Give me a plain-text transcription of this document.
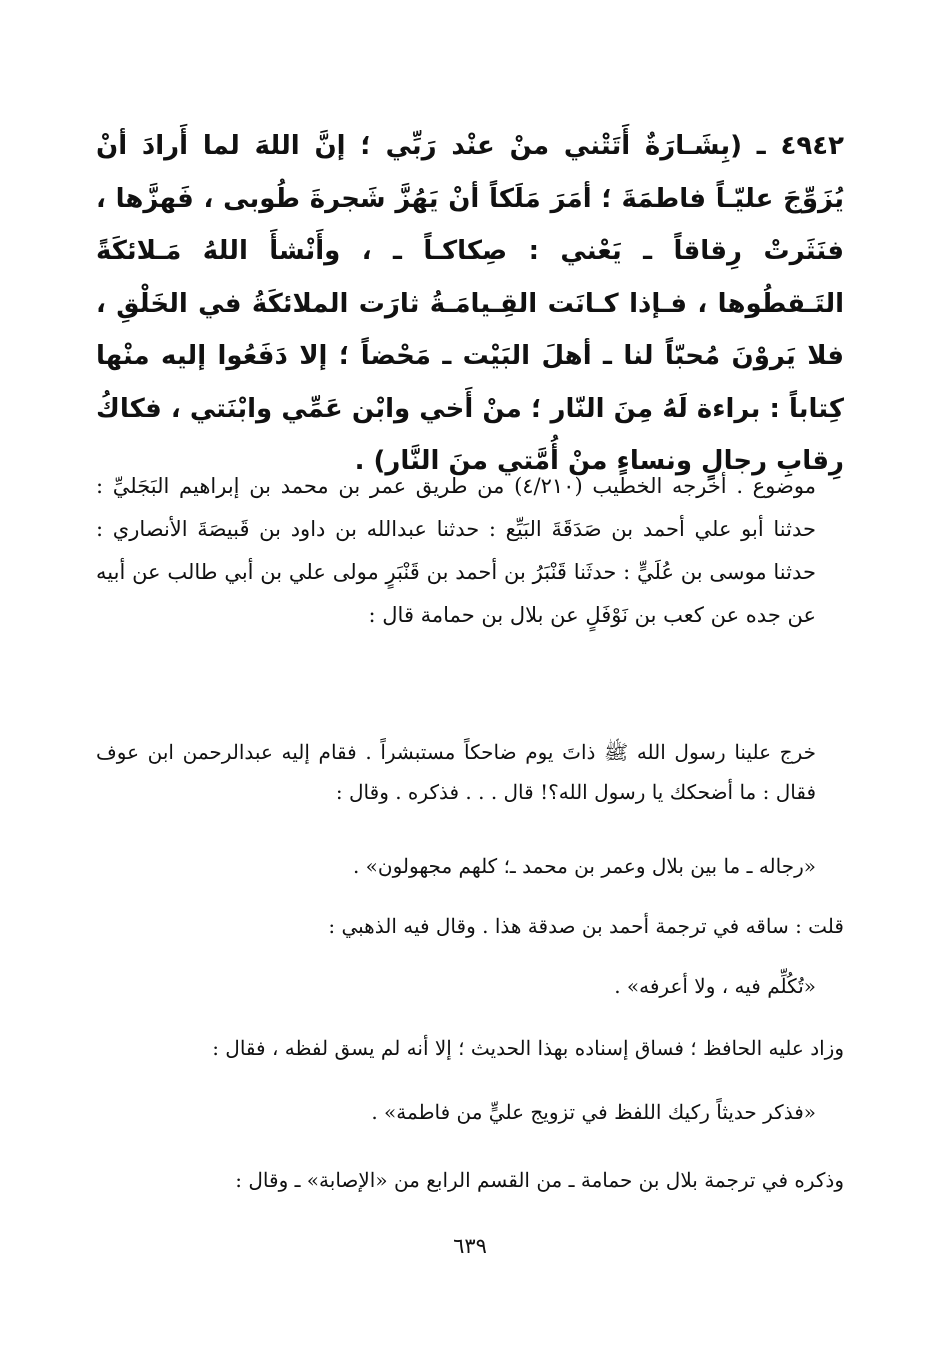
٤٩٤٢ ـ (بِشَـارَةٌ أَتَتْني منْ عنْد رَبِّي ؛ إنَّ اللهَ لما أَرادَ أنْ يُزَوِّجَ عليّـاً فاطمَةَ ؛ أمَرَ مَلَكاً أنْ يَهُزَّ شَجرةَ طُوبى ، فَهزَّها ، فنَثَرتْ رِقاقاً ـ يَعْني : صِكاكـاً ـ ، وأَنْشأَ اللهُ مَـلائكَةً التَـقطُوها ، فـإذا كـانَت القِـيامَـةُ ثارَت الملائكَةُ في الخَلْقِ ، فلا يَروْنَ مُحبّاً لنا ـ أهلَ البَيْت ـ مَحْضاً ؛ إلا دَفَعُوا إليه منْها كِتاباً : براءة لَهُ مِنَ النّار ؛ منْ أَخي وابْن عَمِّي وابْنَتي ، فكاكُ رِقابِ رجالٍ ونساءٍ منْ أُمَّتي منَ النَّار) .
موضوع . أخرجه الخطيب (٤/٢١٠) من طريق عمر بن محمد بن إبراهيم البَجَليِّ : حدثنا أبو علي أحمد بن صَدَقَةَ البَيِّع : حدثنا عبدالله بن داود بن قَبيصَةَ الأنصاري : حدثنا موسى بن عُلَيٍّ : حدثَنا قَنْبَرُ بن أحمد بن قَنْبَرٍ مولى علي بن أبي طالب عن أبيه عن جده عن كعب بن نَوْفَلٍ عن بلال بن حمامة قال :
خرج علينا رسول الله ﷺ ذاتَ يوم ضاحكاً مستبشراً . فقام إليه عبدالرحمن ابن عوف فقال : ما أضحكك يا رسول الله؟! قال . . . فذكره . وقال :
«رجاله ـ ما بين بلال وعمر بن محمد ـ؛ كلهم مجهولون» .
قلت : ساقه في ترجمة أحمد بن صدقة هذا . وقال فيه الذهبي :
«تُكُلِّم فيه ، ولا أعرفه» .
وزاد عليه الحافظ ؛ فساق إسناده بهذا الحديث ؛ إلا أنه لم يسق لفظه ، فقال :
«فذكر حديثاً ركيك اللفظ في تزويج عليٍّ من فاطمة» .
وذكره في ترجمة بلال بن حمامة ـ من القسم الرابع من «الإصابة» ـ وقال :
٦٣٩
